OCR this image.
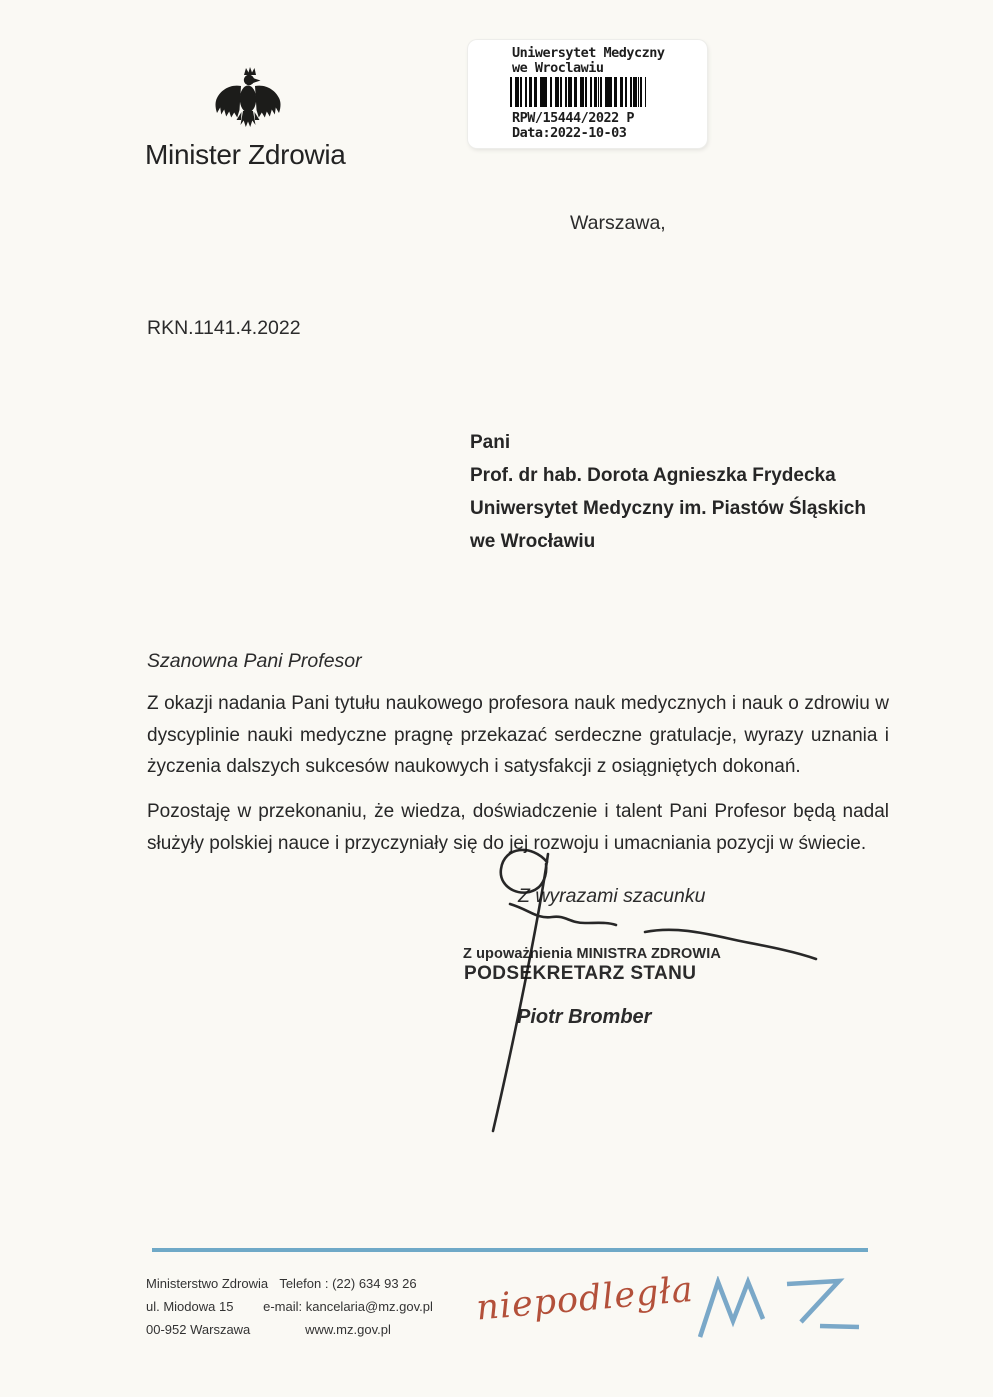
Minister Zdrowia
Uniwersytet Medyczny
we Wroclawiu
RPW/15444/2022 P
Data:2022-10-03
Warszawa,
RKN.1141.4.2022
Pani
Prof. dr hab. Dorota Agnieszka Frydecka
Uniwersytet Medyczny im. Piastów Śląskich
we Wrocławiu
Szanowna Pani Profesor

Z okazji nadania Pani tytułu naukowego profesora nauk medycznych i nauk o zdrowiu w dyscyplinie nauki medyczne pragnę przekazać serdeczne gratulacje, wyrazy uznania i życzenia dalszych sukcesów naukowych i satysfakcji z osiągniętych dokonań.

Pozostaję w przekonaniu, że wiedza, doświadczenie i talent Pani Profesor będą nadal służyły polskiej nauce i przyczyniały się do jej rozwoju i umacniania pozycji w świecie.

Z wyrazami szacunku
Z upoważnienia MINISTRA ZDROWIA
PODSEKRETARZ STANU
Piotr Bromber
Ministerstwo Zdrowia
ul. Miodowa 15
00-952 Warszawa
Telefon : (22) 634 93 26
e-mail: kancelaria@mz.gov.pl
www.mz.gov.pl
niepodległa
